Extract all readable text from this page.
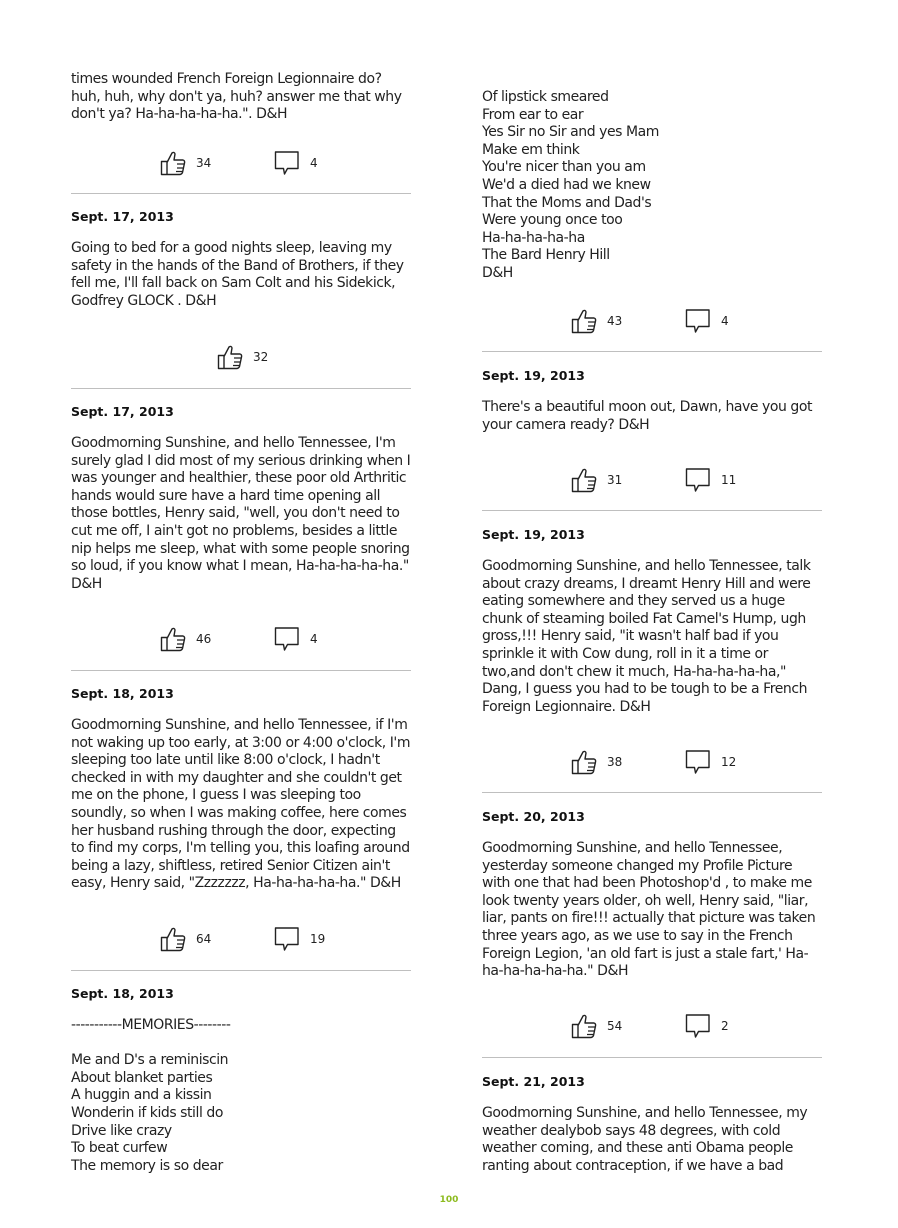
times wounded French Foreign Legionnaire do? huh, huh, why don't ya, huh? answer me that why don't ya? Ha-ha-ha-ha-ha.". D&H

34	4

Sept. 17, 2013

Going to bed for a good nights sleep, leaving my safety in the hands of the Band of Brothers, if they fell me, I'll fall back on Sam Colt and his Sidekick, Godfrey GLOCK . D&H

32

Sept. 17, 2013

Goodmorning Sunshine, and hello Tennessee, I'm surely glad I did most of my serious drinking when I was younger and healthier, these poor old Arthritic hands would sure have a hard time opening all those bottles, Henry said, "well, you don't need to cut me off, I ain't got no problems, besides a little nip helps me sleep, what with some people snoring so loud, if you know what I mean, Ha-ha-ha-ha-ha." D&H

46	4

Sept. 18, 2013

Goodmorning Sunshine, and hello Tennessee, if I'm not waking up too early, at 3:00 or 4:00 o'clock, I'm sleeping too late until like 8:00 o'clock, I hadn't checked in with my daughter and she couldn't get me on the phone, I guess I was sleeping too soundly, so when I was making coffee, here comes her husband rushing through the door, expecting to find my corps, I'm telling you, this loafing around being a lazy, shiftless, retired Senior Citizen ain't easy, Henry said, "Zzzzzzz, Ha-ha-ha-ha-ha." D&H

64	19

Sept. 18, 2013

-----------MEMORIES--------

Me and D's a reminiscin
About blanket parties
A huggin and a kissin
Wonderin if kids still do
Drive like crazy
To beat curfew
The memory is so dear

Of lipstick smeared
From ear to ear
Yes Sir no Sir and yes Mam
Make em think
You're nicer than you am
We'd a died had we knew
That the Moms and Dad's
Were young once too
Ha-ha-ha-ha-ha
The Bard Henry Hill
D&H

43	4

Sept. 19, 2013

There's a beautiful moon out, Dawn, have you got your camera ready? D&H

31	11

Sept. 19, 2013

Goodmorning Sunshine, and hello Tennessee, talk about crazy dreams, I dreamt Henry Hill and were eating somewhere and they served us a huge chunk of steaming boiled Fat Camel's Hump, ugh gross,!!! Henry said, "it wasn't half bad if you sprinkle it with Cow dung, roll in it a time or two,and don't chew it much, Ha-ha-ha-ha-ha," Dang, I guess you had to be tough to be a French Foreign Legionnaire. D&H

38	12

Sept. 20, 2013

Goodmorning Sunshine, and hello Tennessee, yesterday someone changed my Profile Picture with one that had been Photoshop'd , to make me look twenty years older, oh well, Henry said, "liar, liar, pants on fire!!! actually that picture was taken three years ago, as we use to say in the French Foreign Legion, 'an old fart is just a stale fart,' Ha-ha-ha-ha-ha-ha." D&H

54	2

Sept. 21, 2013

Goodmorning Sunshine, and hello Tennessee, my weather dealybob says 48 degrees, with cold weather coming, and these anti Obama people ranting about contraception, if we have a bad

100
